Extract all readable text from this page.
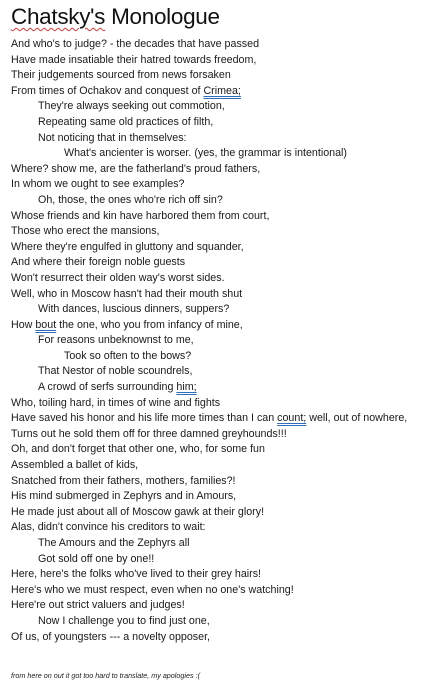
Chatsky's Monologue
And who's to judge? - the decades that have passed
Have made insatiable their hatred towards freedom,
Their judgements sourced from news forsaken
From times of Ochakov and conquest of Crimea;
They're always seeking out commotion,
Repeating same old practices of filth,
Not noticing that in themselves:
What's ancienter is worser. (yes, the grammar is intentional)
Where? show me, are the fatherland's proud fathers,
In whom we ought to see examples?
Oh, those, the ones who're rich off sin?
Whose friends and kin have harbored them from court,
Those who erect the mansions,
Where they're engulfed in gluttony and squander,
And where their foreign noble guests
Won't resurrect their olden way's worst sides.
Well, who in Moscow hasn't had their mouth shut
With dances, luscious dinners, suppers?
How bout the one, who you from infancy of mine,
For reasons unbeknownst to me,
Took so often to the bows?
That Nestor of noble scoundrels,
A crowd of serfs surrounding him;
Who, toiling hard, in times of wine and fights
Have saved his honor and his life more times than I can count; well, out of nowhere,
Turns out he sold them off for three damned greyhounds!!!
Oh, and don't forget that other one, who, for some fun
Assembled a ballet of kids,
Snatched from their fathers, mothers, families?!
His mind submerged in Zephyrs and in Amours,
He made just about all of Moscow gawk at their glory!
Alas, didn't convince his creditors to wait:
The Amours and the Zephyrs all
Got sold off one by one!!
Here, here's the folks who've lived to their grey hairs!
Here's who we must respect, even when no one's watching!
Here're out strict valuers and judges!
Now I challenge you to find just one,
Of us, of youngsters --- a novelty opposer,
from here on out it got too hard to translate, my apologies :(
